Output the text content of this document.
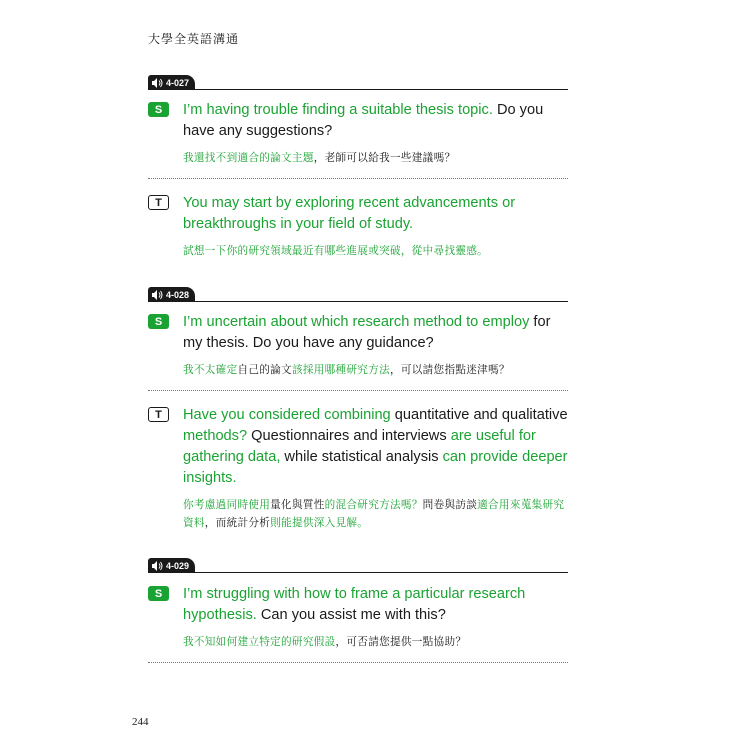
大學全英語溝通
4-027
S	I’m having trouble finding a suitable thesis topic. Do you have any suggestions?
我還找不到適合的論文主題，老師可以給我一些建議嗎？
T	You may start by exploring recent advancements or breakthroughs in your field of study.
試想一下你的研究領域最近有哪些進展或突破，從中尋找靈感。
4-028
S	I’m uncertain about which research method to employ for my thesis. Do you have any guidance?
我不太確定自己的論文該採用哪種研究方法，可以請您指點迷津嗎？
T	Have you considered combining quantitative and qualitative methods? Questionnaires and interviews are useful for gathering data, while statistical analysis can provide deeper insights.
你考慮過同時使用量化與質性的混合研究方法嗎？問卷與訪談適合用來蒐集研究資料，而統計分析則能提供深入見解。
4-029
S	I’m struggling with how to frame a particular research hypothesis. Can you assist me with this?
我不知如何建立特定的研究假設，可否請您提供一點協助？
244
